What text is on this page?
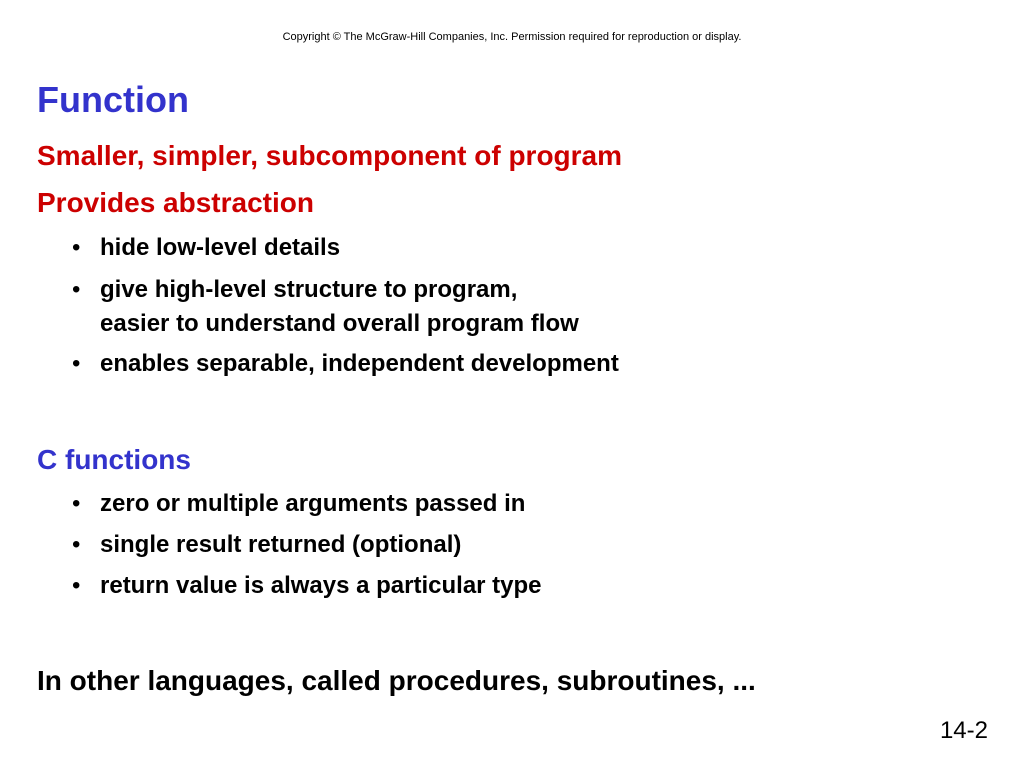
Copyright © The McGraw-Hill Companies, Inc. Permission required for reproduction or display.
Function

Smaller, simpler, subcomponent of program

Provides abstraction

• hide low-level details
• give high-level structure to program,
easier to understand overall program flow
• enables separable, independent development

C functions

• zero or multiple arguments passed in
• single result returned (optional)
• return value is always a particular type

In other languages, called procedures, subroutines, ...

14-2
